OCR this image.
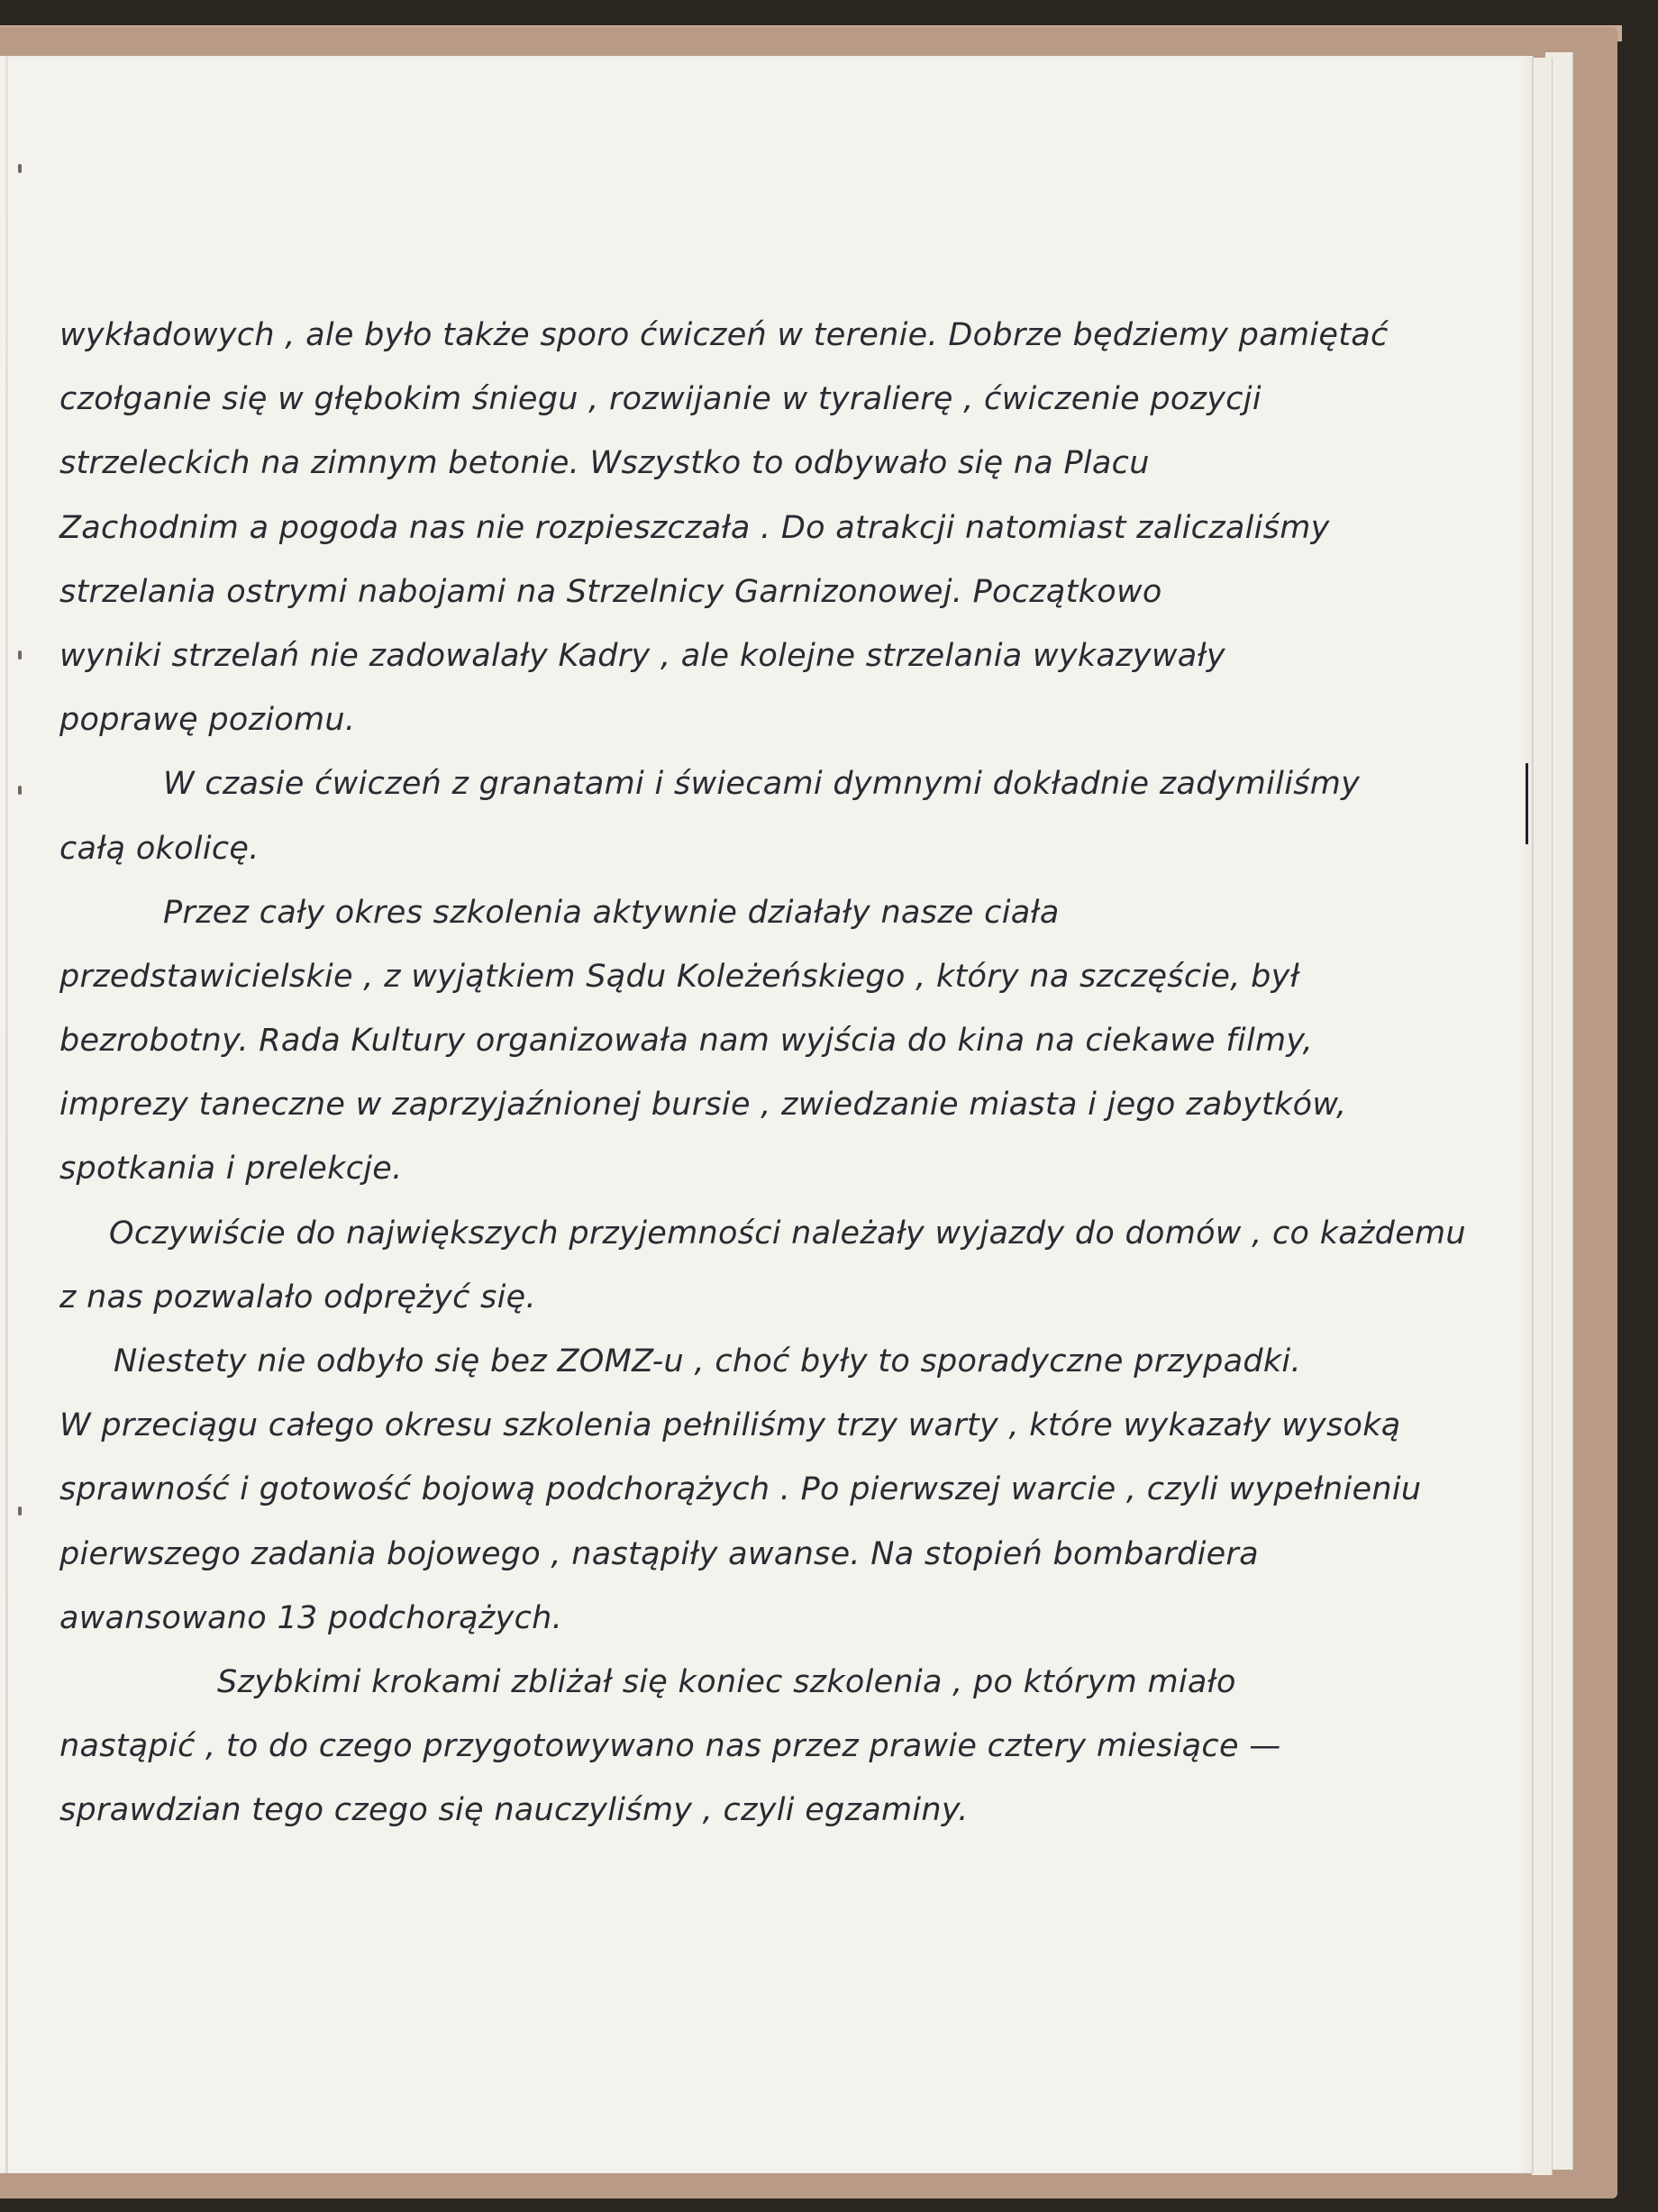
wykładowych , ale było także sporo ćwiczeń w terenie. Dobrze będziemy pamiętać
czołganie się w głębokim śniegu , rozwijanie w tyralierę , ćwiczenie pozycji
strzeleckich na zimnym betonie. Wszystko to odbywało się na Placu
Zachodnim a pogoda nas nie rozpieszczała . Do atrakcji natomiast zaliczaliśmy
strzelania ostrymi nabojami na Strzelnicy Garnizonowej. Początkowo
wyniki strzelań nie zadowalały Kadry , ale kolejne strzelania wykazywały
poprawę poziomu.
W czasie ćwiczeń z granatami i świecami dymnymi dokładnie zadymiliśmy
całą okolicę.
Przez cały okres szkolenia aktywnie działały nasze ciała
przedstawicielskie , z wyjątkiem Sądu Koleżeńskiego , który na szczęście, był
bezrobotny. Rada Kultury organizowała nam wyjścia do kina na ciekawe filmy,
imprezy taneczne w zaprzyjaźnionej bursie , zwiedzanie miasta i jego zabytków,
spotkania i prelekcje.
Oczywiście do największych przyjemności należały wyjazdy do domów , co każdemu
z nas pozwalało odprężyć się.
Niestety nie odbyło się bez ZOMZ-u , choć były to sporadyczne przypadki.
W przeciągu całego okresu szkolenia pełniliśmy trzy warty , które wykazały wysoką
sprawność i gotowość bojową podchorążych . Po pierwszej warcie , czyli wypełnieniu
pierwszego zadania bojowego , nastąpiły awanse. Na stopień bombardiera
awansowano 13 podchorążych.
Szybkimi krokami zbliżał się koniec szkolenia , po którym miało
nastąpić , to do czego przygotowywano nas przez prawie cztery miesiące —
sprawdzian tego czego się nauczyliśmy , czyli egzaminy.
